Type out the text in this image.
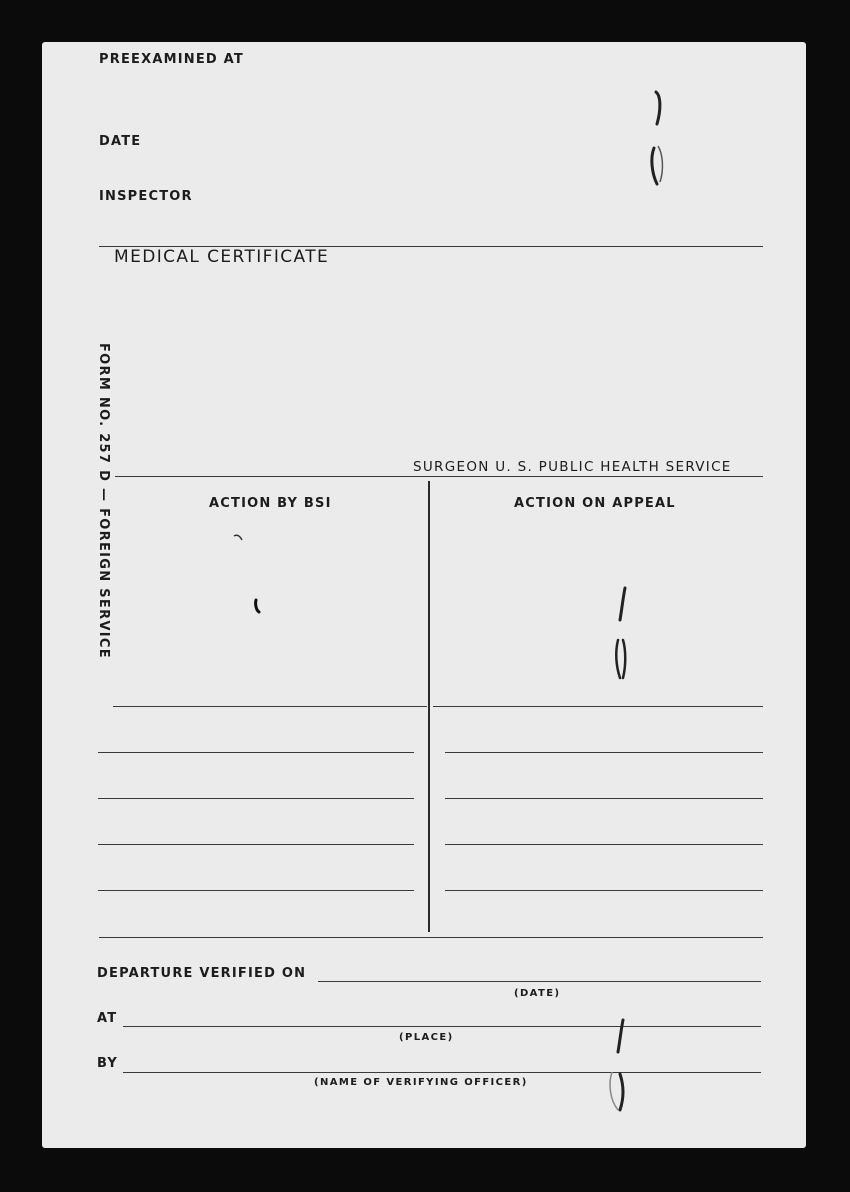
PREEXAMINED AT
DATE
INSPECTOR
MEDICAL CERTIFICATE
FORM NO. 257 D — FOREIGN SERVICE	SURGEON U. S. PUBLIC HEALTH SERVICE
ACTION BY BSI	ACTION ON APPEAL
DEPARTURE VERIFIED ON
(DATE)
AT
(PLACE)
BY
(NAME OF VERIFYING OFFICER)
